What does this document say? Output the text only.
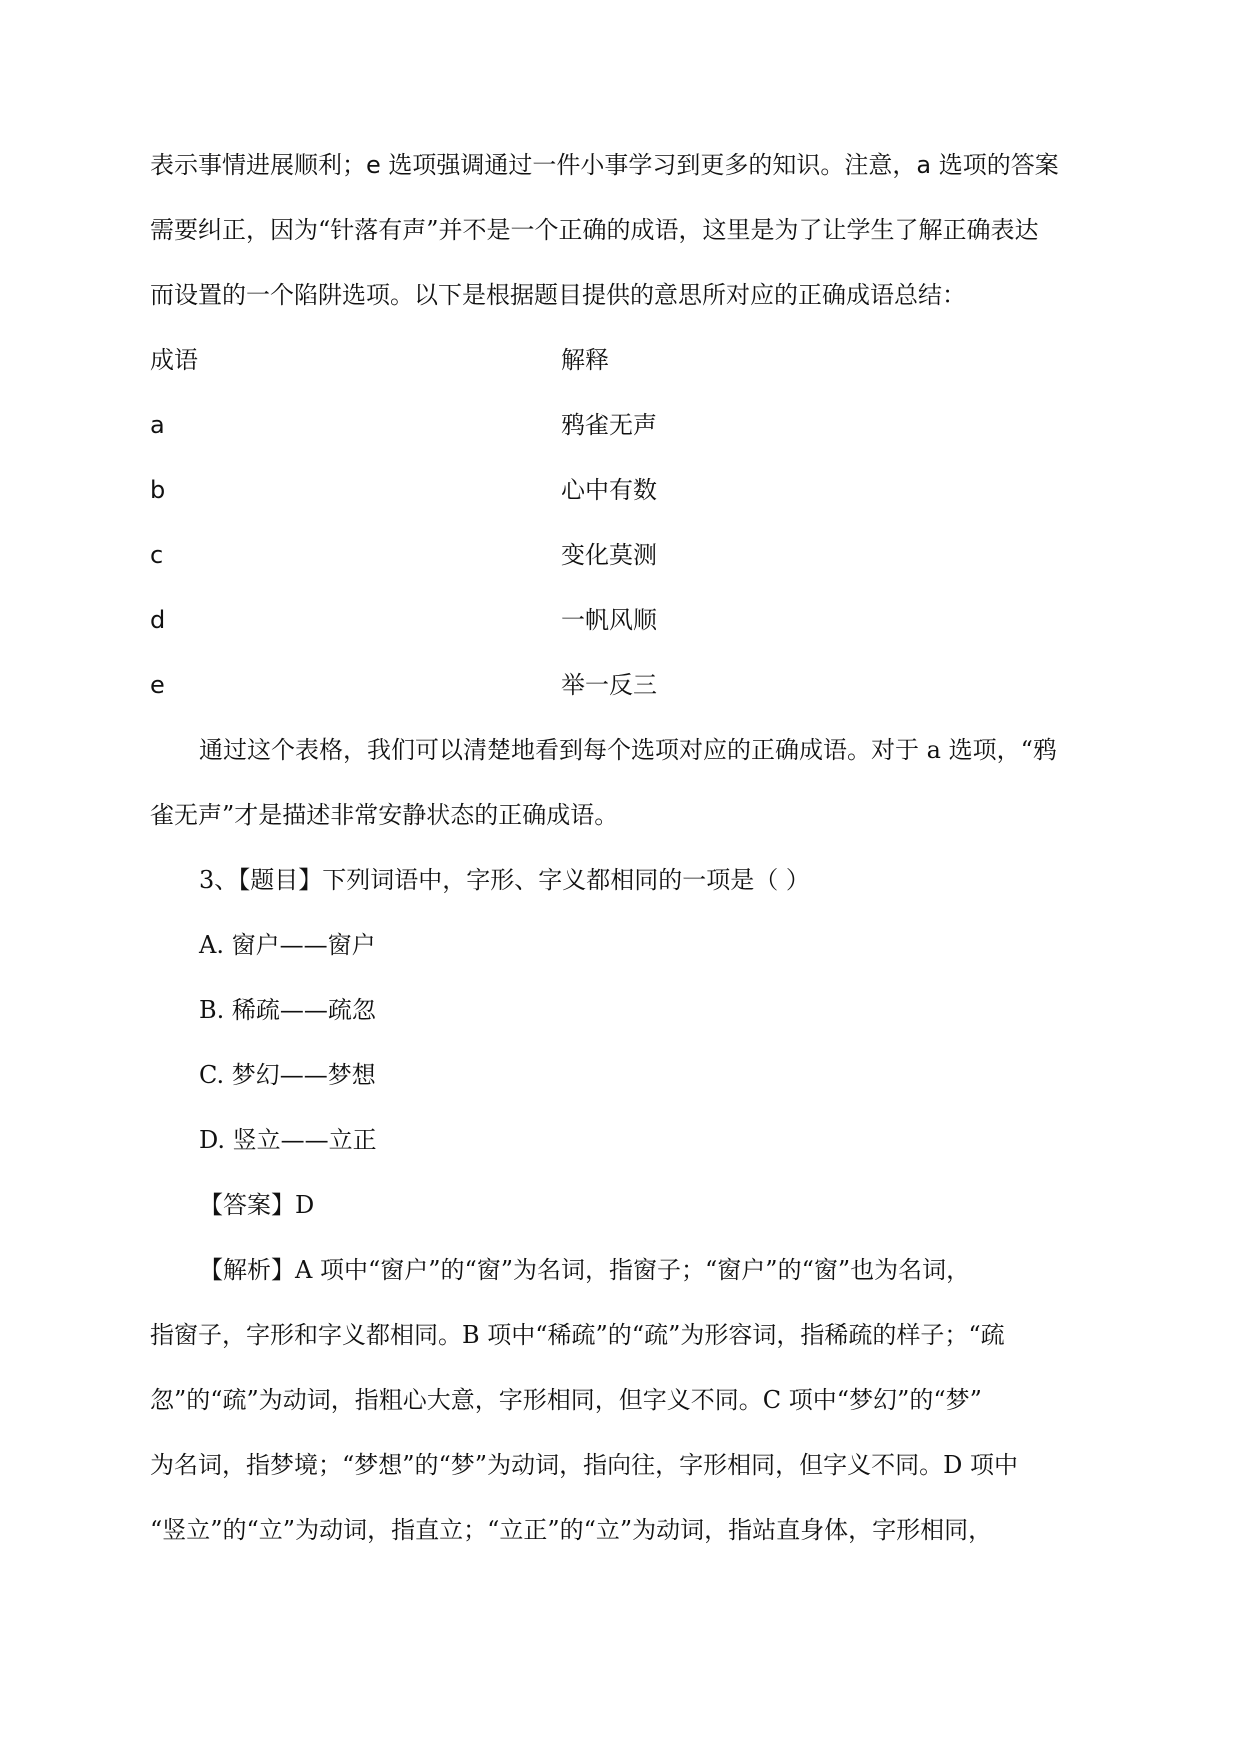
表示事情进展顺利；e 选项强调通过一件小事学习到更多的知识。注意，a 选项的答案

需要纠正，因为“针落有声”并不是一个正确的成语，这里是为了让学生了解正确表达

而设置的一个陷阱选项。以下是根据题目提供的意思所对应的正确成语总结：

成语	解释

a	鸦雀无声

b	心中有数

c	变化莫测

d	一帆风顺

e	举一反三

通过这个表格，我们可以清楚地看到每个选项对应的正确成语。对于 a 选项，“鸦

雀无声”才是描述非常安静状态的正确成语。

3、【题目】下列词语中，字形、字义都相同的一项是（ ）

A. 窗户——窗户

B. 稀疏——疏忽

C. 梦幻——梦想

D. 竖立——立正

【答案】D

【解析】A 项中“窗户”的“窗”为名词，指窗子；“窗户”的“窗”也为名词，

指窗子，字形和字义都相同。B 项中“稀疏”的“疏”为形容词，指稀疏的样子；“疏

忽”的“疏”为动词，指粗心大意，字形相同，但字义不同。C 项中“梦幻”的“梦”

为名词，指梦境；“梦想”的“梦”为动词，指向往，字形相同，但字义不同。D 项中

“竖立”的“立”为动词，指直立；“立正”的“立”为动词，指站直身体，字形相同，
